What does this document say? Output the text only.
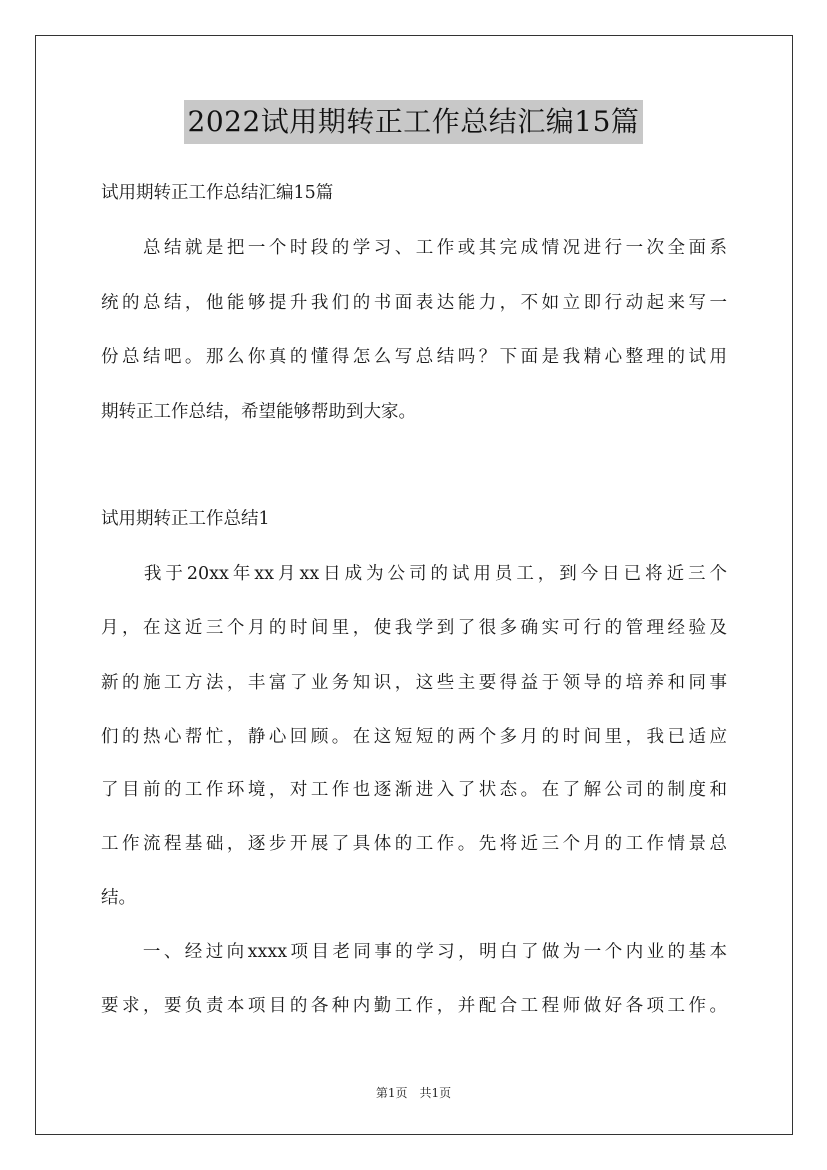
2022试用期转正工作总结汇编15篇

试用期转正工作总结汇编15篇

　　总结就是把一个时段的学习、工作或其完成情况进行一次全面系

统的总结，他能够提升我们的书面表达能力，不如立即行动起来写一

份总结吧。那么你真的懂得怎么写总结吗？下面是我精心整理的试用

期转正工作总结，希望能够帮助到大家。

试用期转正工作总结1

　　我于20xx年xx月xx日成为公司的试用员工，到今日已将近三个

月，在这近三个月的时间里，使我学到了很多确实可行的管理经验及

新的施工方法，丰富了业务知识，这些主要得益于领导的培养和同事

们的热心帮忙，静心回顾。在这短短的两个多月的时间里，我已适应

了目前的工作环境，对工作也逐渐进入了状态。在了解公司的制度和

工作流程基础，逐步开展了具体的工作。先将近三个月的工作情景总

结。

　　一、经过向xxxx项目老同事的学习，明白了做为一个内业的基本

要求，要负责本项目的各种内勤工作，并配合工程师做好各项工作。

第1页　共1页
